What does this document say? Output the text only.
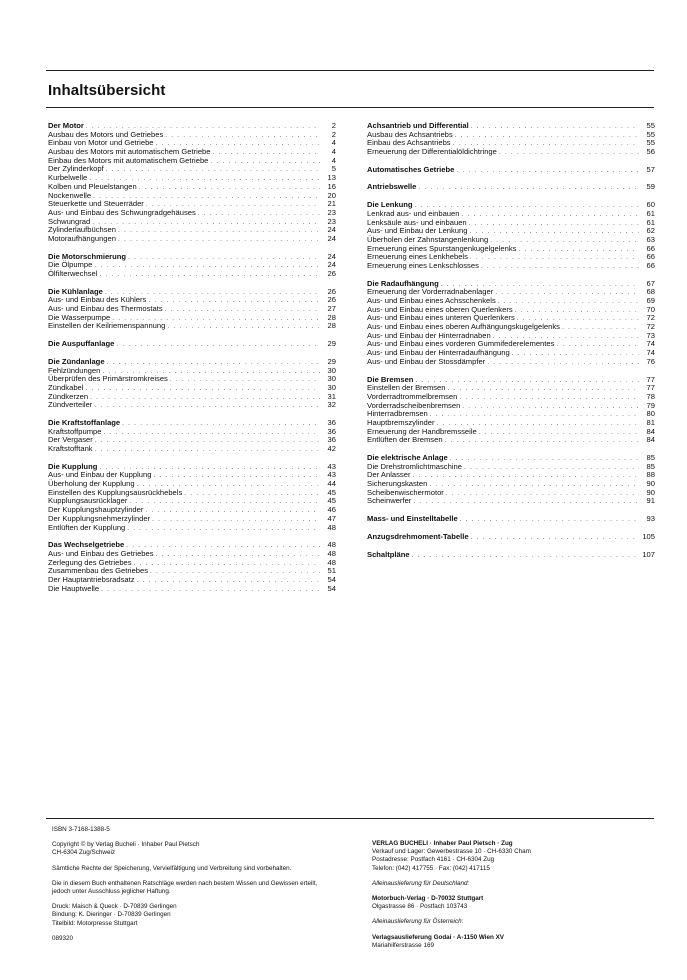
Inhaltsübersicht
Der Motor . . .	2
Ausbau des Motors und Getriebes . . .	2
Einbau von Motor und Getriebe . . .	4
Ausbau des Motors mit automatischem Getriebe . . .	4
Einbau des Motors mit automatischem Getriebe . . .	4
Der Zylinderkopf . . .	5
Kurbelwelle . . .	13
Kolben und Pleuelstangen . . .	16
Nockenwelle . . .	20
Steuerkette und Steuerräder . . .	21
Aus- und Einbau des Schwungradgehäuses . . .	23
Schwungrad . . .	23
Zylinderlaufbüchsen . . .	24
Motoraufhängungen . . .	24
Die Motorschmierung . . .	24
Die Ölpumpe . . .	24
Ölfilterwechsel . . .	26
Die Kühlanlage . . .	26
Aus- und Einbau des Kühlers . . .	26
Aus- und Einbau des Thermostats . . .	27
Die Wasserpumpe . . .	28
Einstellen der Keilriemenspannung . . .	28
Die Auspuffanlage . . .	29
Die Zündanlage . . .	29
Fehlzündungen . . .	30
Überprüfen des Primärstromkreises . . .	30
Zündkabel . . .	30
Zündkerzen . . .	31
Zündverteiler . . .	32
Die Kraftstoffanlage . . .	36
Kraftstoffpumpe . . .	36
Der Vergaser . . .	36
Kraftstofftank . . .	42
Die Kupplung . . .	43
Aus- und Einbau der Kupplung . . .	43
Überholung der Kupplung . . .	44
Einstellen des Kupplungsausrückhebels . . .	45
Kupplungsausrücklager . . .	45
Der Kupplungshauptzylinder . . .	46
Der Kupplungsnehmerzylinder . . .	47
Entlüften der Kupplung . . .	48
Das Wechselgetriebe . . .	48
Aus- und Einbau des Getriebes . . .	48
Zerlegung des Getriebes . . .	48
Zusammenbau des Getriebes . . .	51
Der Hauptantriebsradsatz . . .	54
Die Hauptwelle . . .	54
Achsantrieb und Differential . . .	55
Ausbau des Achsantriebs . . .	55
Einbau des Achsantriebs . . .	55
Erneuerung der Differentialöldichtringe . . .	56
Automatisches Getriebe . . .	57
Antriebswelle . . .	59
Die Lenkung . . .	60
Lenkrad aus- und einbauen . . .	61
Lenksäule aus- und einbauen . . .	61
Aus- und Einbau der Lenkung . . .	62
Überholen der Zahnstangenlenkung . . .	63
Erneuerung eines Spurstangenkugelgelenks . . .	66
Erneuerung eines Lenkhebels . . .	66
Erneuerung eines Lenkschlosses . . .	66
Die Radaufhängung . . .	67
Erneuerung der Vorderradnabenlager . . .	68
Aus- und Einbau eines Achsschenkels . . .	69
Aus- und Einbau eines oberen Querlenkers . . .	70
Aus- und Einbau eines unteren Querlenkers . . .	72
Aus- und Einbau eines oberen Aufhängungskugelgelenks . . .	72
Aus- und Einbau der Hinterradnaben . . .	73
Aus- und Einbau eines vorderen Gummifederelementes . . .	74
Aus- und Einbau der Hinterradaufhängung . . .	74
Aus- und Einbau der Stossdämpfer . . .	76
Die Bremsen . . .	77
Einstellen der Bremsen . . .	77
Vorderradtrommelbremsen . . .	78
Vorderradscheibenbremsen . . .	79
Hinterradbremsen . . .	80
Hauptbremszylinder . . .	81
Erneuerung der Handbremsseile . . .	84
Entlüften der Bremsen . . .	84
Die elektrische Anlage . . .	85
Die Drehstromlichtmaschine . . .	85
Der Anlasser . . .	88
Sicherungskasten . . .	90
Scheibenwischermotor . . .	90
Scheinwerfer . . .	91
Mass- und Einstelltabelle . . .	93
Anzugsdrehmoment-Tabelle . . .	105
Schaltpläne . . .	107

ISBN 3-7168-1388-5

Copyright © by Verlag Bucheli · Inhaber Paul Pietsch

CH-6304 Zug/Schweiz

Sämtliche Rechte der Speicherung, Vervielfältigung und Verbreitung sind vorbehalten.

Die in diesem Buch enthaltenen Ratschläge werden nach bestem Wissen und Gewissen erteilt,

jedoch unter Ausschluss jeglicher Haftung.

Druck: Maisch & Queck · D-70839 Gerlingen

Bindung: K. Dieringer · D-70839 Gerlingen

Titelbild: Motorpresse Stuttgart

089320

VERLAG BUCHELI · Inhaber Paul Pietsch · Zug

Verkauf und Lager: Gewerbestrasse 10 · CH-6330 Cham

Postadresse: Postfach 4161 · CH-6304 Zug

Telefon: (042) 417755 · Fax: (042) 417115

Alleinauslieferung für Deutschland:

Motorbuch-Verlag · D-70032 Stuttgart

Olgastrasse 86 · Postfach 103743

Alleinauslieferung für Österreich:

Verlagsauslieferung Godai · A-1150 Wien XV

Mariahilferstrasse 169
